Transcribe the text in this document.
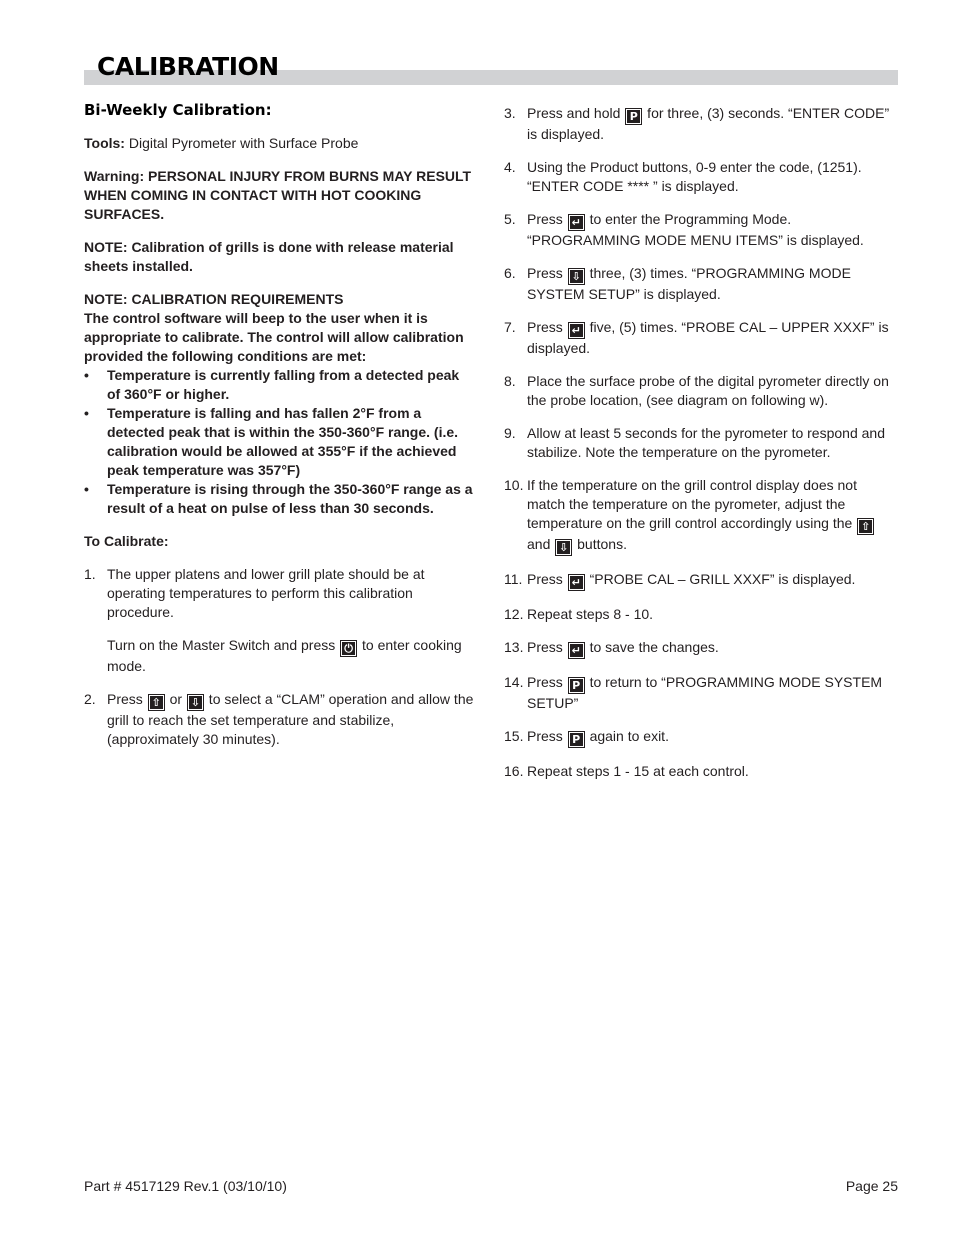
CALIBRATION
Bi-Weekly Calibration:

Tools: Digital Pyrometer with Surface Probe

Warning: PERSONAL INJURY FROM BURNS MAY RESULT WHEN COMING IN CONTACT WITH HOT COOKING SURFACES.

NOTE: Calibration of grills is done with release material sheets installed.

NOTE: CALIBRATION REQUIREMENTS
The control software will beep to the user when it is appropriate to calibrate. The control will allow calibration provided the following conditions are met:
• Temperature is currently falling from a detected peak of 360°F or higher.
• Temperature is falling and has fallen 2°F from a detected peak that is within the 350-360°F range. (i.e. calibration would be allowed at 355°F if the achieved peak temperature was 357°F)
• Temperature is rising through the 350-360°F range as a result of a heat on pulse of less than 30 seconds.

To Calibrate:

1. The upper platens and lower grill plate should be at operating temperatures to perform this calibration procedure.
Turn on the Master Switch and press ⏻ to enter cooking mode.
2. Press ⇧ or ⇩ to select a “CLAM” operation and allow the grill to reach the set temperature and stabilize, (approximately 30 minutes).
3. Press and hold P for three, (3) seconds. “ENTER CODE” is displayed.
4. Using the Product buttons, 0-9 enter the code, (1251). “ENTER CODE **** ” is displayed.
5. Press ↵ to enter the Programming Mode. “PROGRAMMING MODE MENU ITEMS” is displayed.
6. Press ⇩ three, (3) times. “PROGRAMMING MODE SYSTEM SETUP” is displayed.
7. Press ↵ five, (5) times. “PROBE CAL – UPPER XXXF” is displayed.
8. Place the surface probe of the digital pyrometer directly on the probe location, (see diagram on following w).
9. Allow at least 5 seconds for the pyrometer to respond and stabilize. Note the temperature on the pyrometer.
10. If the temperature on the grill control display does not match the temperature on the pyrometer, adjust the temperature on the grill control accordingly using the ⇧ and ⇩ buttons.
11. Press ↵ “PROBE CAL – GRILL XXXF” is displayed.
12. Repeat steps 8 - 10.
13. Press ↵ to save the changes.
14. Press P to return to “PROGRAMMING MODE SYSTEM SETUP”
15. Press P again to exit.
16. Repeat steps 1 - 15 at each control.
Part # 4517129 Rev.1 (03/10/10)	Page 25
